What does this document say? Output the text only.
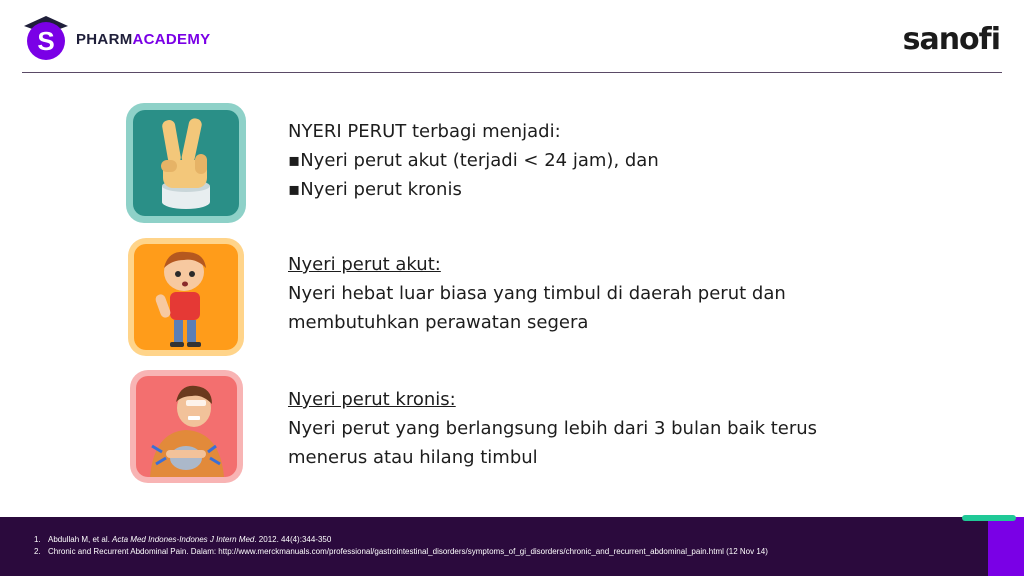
S PHARMACADEMY	sanofi
NYERI PERUT terbagi menjadi:
▪Nyeri perut akut (terjadi < 24 jam), dan
▪Nyeri perut kronis
Nyeri perut akut:
Nyeri hebat luar biasa yang timbul di daerah perut dan
membutuhkan perawatan segera
Nyeri perut kronis:
Nyeri perut yang berlangsung lebih dari 3 bulan baik terus
menerus atau hilang timbul
1. Abdullah M, et al. Acta Med Indones-Indones J Intern Med. 2012. 44(4):344-350
2. Chronic and Recurrent Abdominal Pain. Dalam: http://www.merckmanuals.com/professional/gastrointestinal_disorders/symptoms_of_gi_disorders/chronic_and_recurrent_abdominal_pain.html (12 Nov 14)
